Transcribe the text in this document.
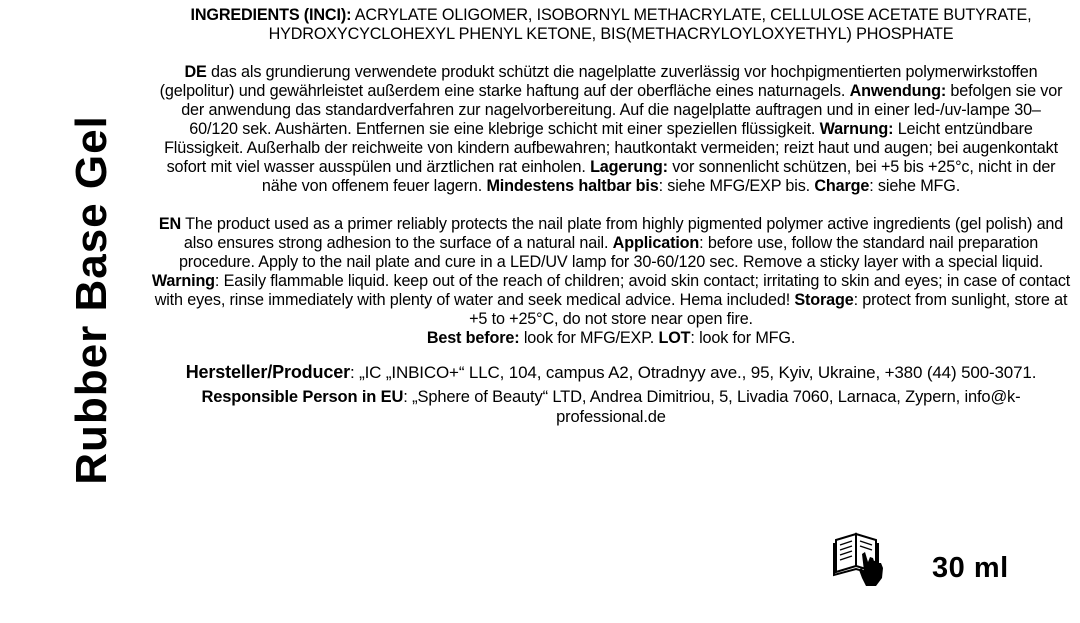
Rubber Base Gel

INGREDIENTS (INCI): ACRYLATE OLIGOMER, ISOBORNYL METHACRYLATE, CELLULOSE ACETATE BUTYRATE, HYDROXYCYCLOHEXYL PHENYL KETONE, BIS(METHACRYLOYLOXYETHYL) PHOSPHATE

DE das als grundierung verwendete produkt schützt die nagelplatte zuverlässig vor hochpigmentierten polymerwirkstoffen (gelpolitur) und gewährleistet außerdem eine starke haftung auf der oberfläche eines naturnagels. Anwendung: befolgen sie vor der anwendung das standardverfahren zur nagelvorbereitung. Auf die nagelplatte auftragen und in einer led-/uv-lampe 30–60/120 sek. Aushärten. Entfernen sie eine klebrige schicht mit einer speziellen flüssigkeit. Warnung: Leicht entzündbare Flüssigkeit. Außerhalb der reichweite von kindern aufbewahren; hautkontakt vermeiden; reizt haut und augen; bei augenkontakt sofort mit viel wasser ausspülen und ärztlichen rat einholen. Lagerung: vor sonnenlicht schützen, bei +5 bis +25°c, nicht in der nähe von offenem feuer lagern. Mindestens haltbar bis: siehe MFG/EXP bis. Charge: siehe MFG.

EN The product used as a primer reliably protects the nail plate from highly pigmented polymer active ingredients (gel polish) and also ensures strong adhesion to the surface of a natural nail. Application: before use, follow the standard nail preparation procedure. Apply to the nail plate and cure in a LED/UV lamp for 30-60/120 sec. Remove a sticky layer with a special liquid. Warning: Easily flammable liquid. keep out of the reach of children; avoid skin contact; irritating to skin and eyes; in case of contact with eyes, rinse immediately with plenty of water and seek medical advice. Hema included! Storage: protect from sunlight, store at +5 to +25°C, do not store near open fire.
Best before: look for MFG/EXP. LOT: look for MFG.

Hersteller/Producer: „IC „INBICO+“ LLC, 104, campus A2, Otradnyy ave., 95, Kyiv, Ukraine, +380 (44) 500-3071.

Responsible Person in EU: „Sphere of Beauty“ LTD, Andrea Dimitriou, 5, Livadia 7060, Larnaca, Zypern, info@k-professional.de

30 ml
